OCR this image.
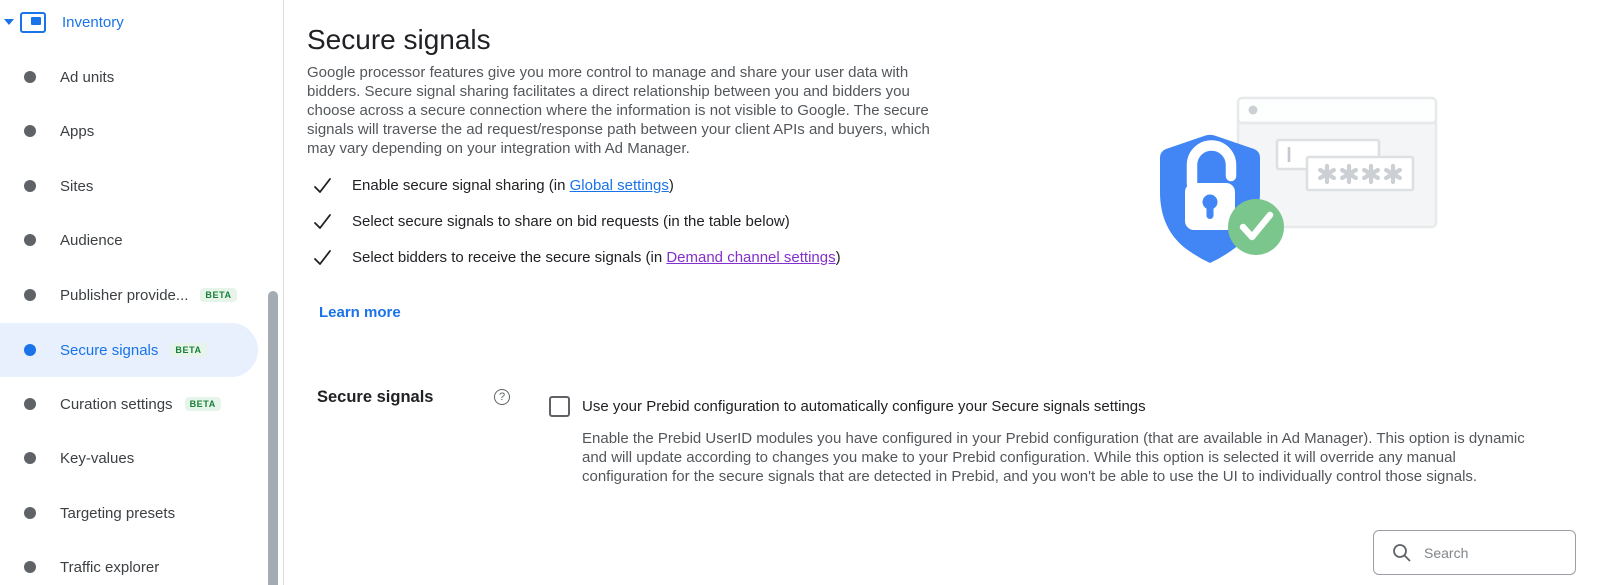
Inventory
Ad units
Apps
Sites
Audience
Publisher provide...	BETA
Secure signals	BETA
Curation settings	BETA
Key-values
Targeting presets
Traffic explorer
Secure signals

Google processor features give you more control to manage and share your user data with bidders. Secure signal sharing facilitates a direct relationship between you and bidders you choose across a secure connection where the information is not visible to Google. The secure signals will traverse the ad request/response path between your client APIs and buyers, which may vary depending on your integration with Ad Manager.

Enable secure signal sharing (in Global settings)
Select secure signals to share on bid requests (in the table below)
Select bidders to receive the secure signals (in Demand channel settings)
Learn more
Secure signals	?
Use your Prebid configuration to automatically configure your Secure signals settings
Enable the Prebid UserID modules you have configured in your Prebid configuration (that are available in Ad Manager). This option is dynamic and will update according to changes you make to your Prebid configuration. While this option is selected it will override any manual configuration for the secure signals that are detected in Prebid, and you won't be able to use the UI to individually control those signals.
Search
